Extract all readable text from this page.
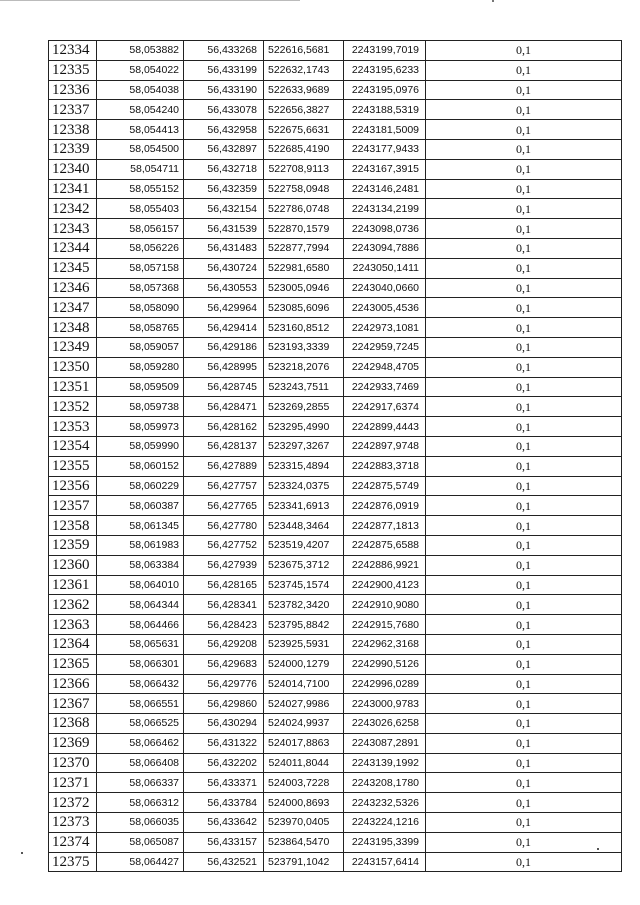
12334	58,053882	56,433268	522616,5681	2243199,7019	0,1
12335	58,054022	56,433199	522632,1743	2243195,6233	0,1
12336	58,054038	56,433190	522633,9689	2243195,0976	0,1
12337	58,054240	56,433078	522656,3827	2243188,5319	0,1
12338	58,054413	56,432958	522675,6631	2243181,5009	0,1
12339	58,054500	56,432897	522685,4190	2243177,9433	0,1
12340	58,054711	56,432718	522708,9113	2243167,3915	0,1
12341	58,055152	56,432359	522758,0948	2243146,2481	0,1
12342	58,055403	56,432154	522786,0748	2243134,2199	0,1
12343	58,056157	56,431539	522870,1579	2243098,0736	0,1
12344	58,056226	56,431483	522877,7994	2243094,7886	0,1
12345	58,057158	56,430724	522981,6580	2243050,1411	0,1
12346	58,057368	56,430553	523005,0946	2243040,0660	0,1
12347	58,058090	56,429964	523085,6096	2243005,4536	0,1
12348	58,058765	56,429414	523160,8512	2242973,1081	0,1
12349	58,059057	56,429186	523193,3339	2242959,7245	0,1
12350	58,059280	56,428995	523218,2076	2242948,4705	0,1
12351	58,059509	56,428745	523243,7511	2242933,7469	0,1
12352	58,059738	56,428471	523269,2855	2242917,6374	0,1
12353	58,059973	56,428162	523295,4990	2242899,4443	0,1
12354	58,059990	56,428137	523297,3267	2242897,9748	0,1
12355	58,060152	56,427889	523315,4894	2242883,3718	0,1
12356	58,060229	56,427757	523324,0375	2242875,5749	0,1
12357	58,060387	56,427765	523341,6913	2242876,0919	0,1
12358	58,061345	56,427780	523448,3464	2242877,1813	0,1
12359	58,061983	56,427752	523519,4207	2242875,6588	0,1
12360	58,063384	56,427939	523675,3712	2242886,9921	0,1
12361	58,064010	56,428165	523745,1574	2242900,4123	0,1
12362	58,064344	56,428341	523782,3420	2242910,9080	0,1
12363	58,064466	56,428423	523795,8842	2242915,7680	0,1
12364	58,065631	56,429208	523925,5931	2242962,3168	0,1
12365	58,066301	56,429683	524000,1279	2242990,5126	0,1
12366	58,066432	56,429776	524014,7100	2242996,0289	0,1
12367	58,066551	56,429860	524027,9986	2243000,9783	0,1
12368	58,066525	56,430294	524024,9937	2243026,6258	0,1
12369	58,066462	56,431322	524017,8863	2243087,2891	0,1
12370	58,066408	56,432202	524011,8044	2243139,1992	0,1
12371	58,066337	56,433371	524003,7228	2243208,1780	0,1
12372	58,066312	56,433784	524000,8693	2243232,5326	0,1
12373	58,066035	56,433642	523970,0405	2243224,1216	0,1
12374	58,065087	56,433157	523864,5470	2243195,3399	0,1
12375	58,064427	56,432521	523791,1042	2243157,6414	0,1
